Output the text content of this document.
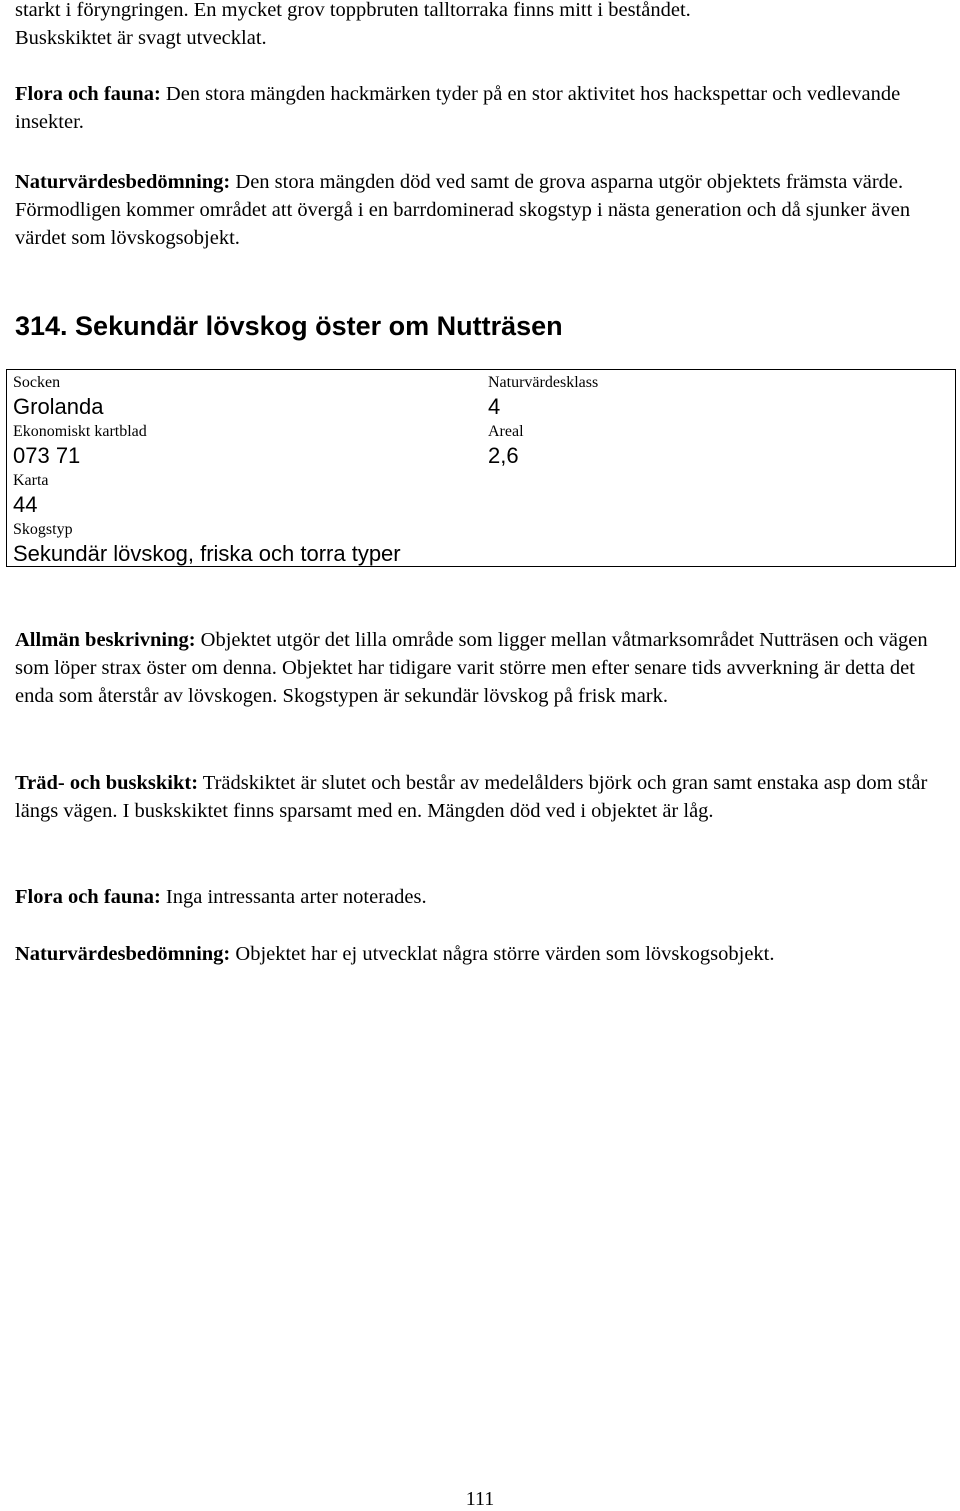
starkt i föryngringen. En mycket grov toppbruten talltorraka finns mitt i beståndet.
Buskskiktet är svagt utvecklat.

Flora och fauna: Den stora mängden hackmärken tyder på en stor aktivitet hos hackspettar och vedlevande insekter.

Naturvärdesbedömning: Den stora mängden död ved samt de grova asparna utgör objektets främsta värde. Förmodligen kommer området att övergå i en barrdominerad skogstyp i nästa generation och då sjunker även värdet som lövskogsobjekt.

314. Sekundär lövskog öster om Nutträsen
Socken
Grolanda
Ekonomiskt kartblad
073 71
Karta
44
Skogstyp
Sekundär lövskog, friska och torra typer
Naturvärdesklass
4
Areal
2,6

Allmän beskrivning: Objektet utgör det lilla område som ligger mellan våtmarksområdet Nutträsen och vägen som löper strax öster om denna. Objektet har tidigare varit större men efter senare tids avverkning är detta det enda som återstår av lövskogen. Skogstypen är sekundär lövskog på frisk mark.

Träd- och buskskikt: Trädskiktet är slutet och består av medelålders björk och gran samt enstaka asp dom står längs vägen. I buskskiktet finns sparsamt med en. Mängden död ved i objektet är låg.

Flora och fauna: Inga intressanta arter noterades.

Naturvärdesbedömning: Objektet har ej utvecklat några större värden som lövskogsobjekt.

111
